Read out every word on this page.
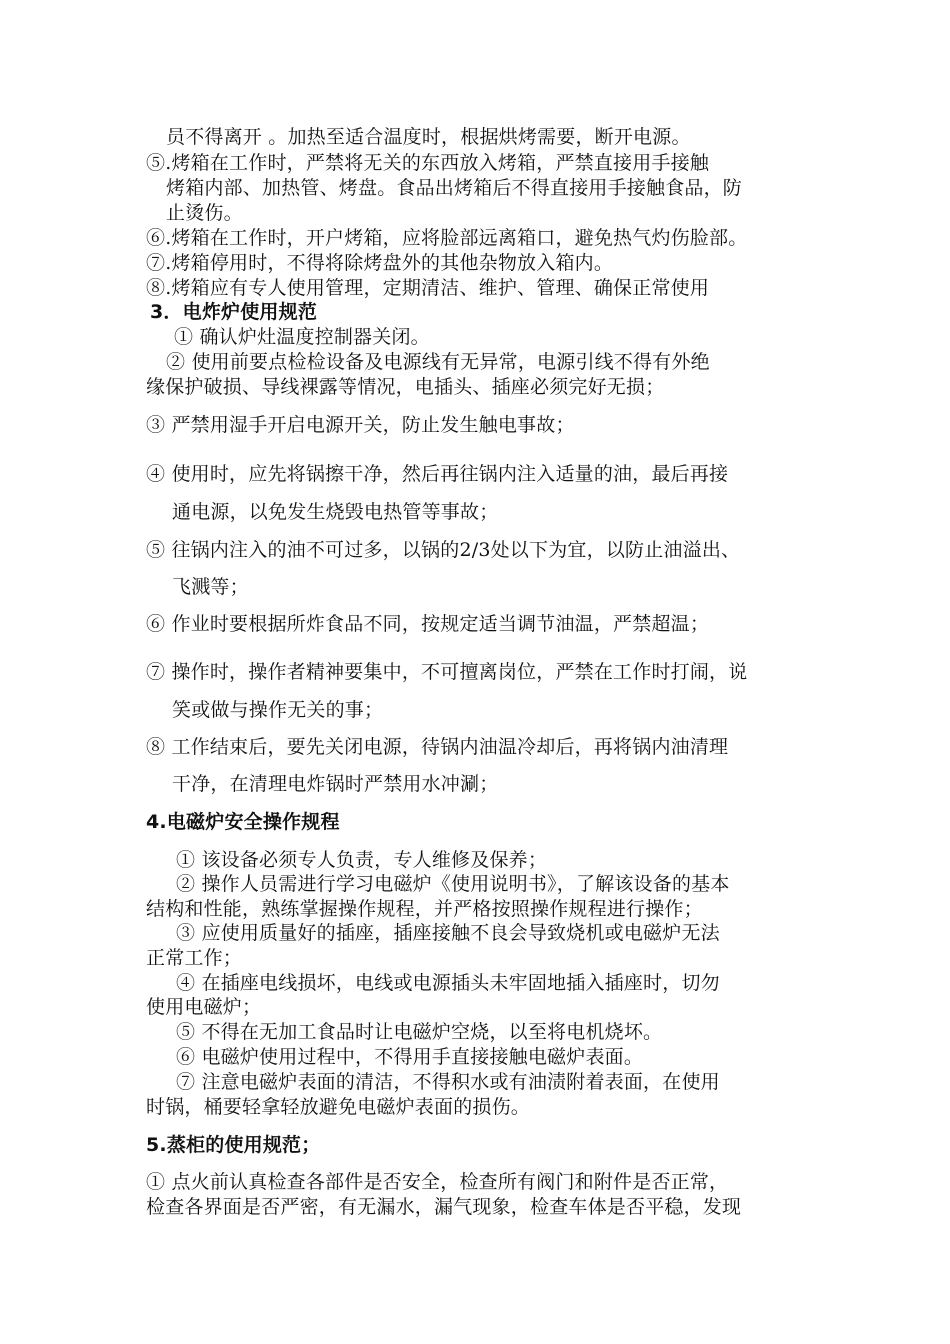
员不得离开 。加热至适合温度时，根据烘烤需要，断开电源。
⑤.烤箱在工作时，严禁将无关的东西放入烤箱，严禁直接用手接触
烤箱内部、加热管、烤盘。食品出烤箱后不得直接用手接触食品，防
止烫伤。
⑥.烤箱在工作时，开户烤箱，应将脸部远离箱口，避免热气灼伤脸部。
⑦.烤箱停用时，不得将除烤盘外的其他杂物放入箱内。
⑧.烤箱应有专人使用管理，定期清洁、维护、管理、确保正常使用
3．电炸炉使用规范
① 确认炉灶温度控制器关闭。
② 使用前要点检检设备及电源线有无异常，电源引线不得有外绝
缘保护破损、导线裸露等情况，电插头、插座必须完好无损；
③ 严禁用湿手开启电源开关，防止发生触电事故；
④ 使用时，应先将锅擦干净，然后再往锅内注入适量的油，最后再接
通电源，以免发生烧毁电热管等事故；
⑤ 往锅内注入的油不可过多，以锅的2/3处以下为宜，以防止油溢出、
飞溅等；
⑥ 作业时要根据所炸食品不同，按规定适当调节油温，严禁超温；
⑦ 操作时，操作者精神要集中，不可擅离岗位，严禁在工作时打闹，说
笑或做与操作无关的事；
⑧ 工作结束后，要先关闭电源，待锅内油温冷却后，再将锅内油清理
干净，在清理电炸锅时严禁用水冲涮；
4.电磁炉安全操作规程
① 该设备必须专人负责，专人维修及保养；
② 操作人员需进行学习电磁炉《使用说明书》，了解该设备的基本
结构和性能，熟练掌握操作规程，并严格按照操作规程进行操作；
③ 应使用质量好的插座，插座接触不良会导致烧机或电磁炉无法
正常工作；
④ 在插座电线损坏，电线或电源插头未牢固地插入插座时，切勿
使用电磁炉；
⑤ 不得在无加工食品时让电磁炉空烧，以至将电机烧坏。
⑥ 电磁炉使用过程中，不得用手直接接触电磁炉表面。
⑦ 注意电磁炉表面的清洁，不得积水或有油渍附着表面，在使用
时锅，桶要轻拿轻放避免电磁炉表面的损伤。
5.蒸柜的使用规范；
① 点火前认真检查各部件是否安全，检查所有阀门和附件是否正常，
检查各界面是否严密，有无漏水，漏气现象，检查车体是否平稳，发现
